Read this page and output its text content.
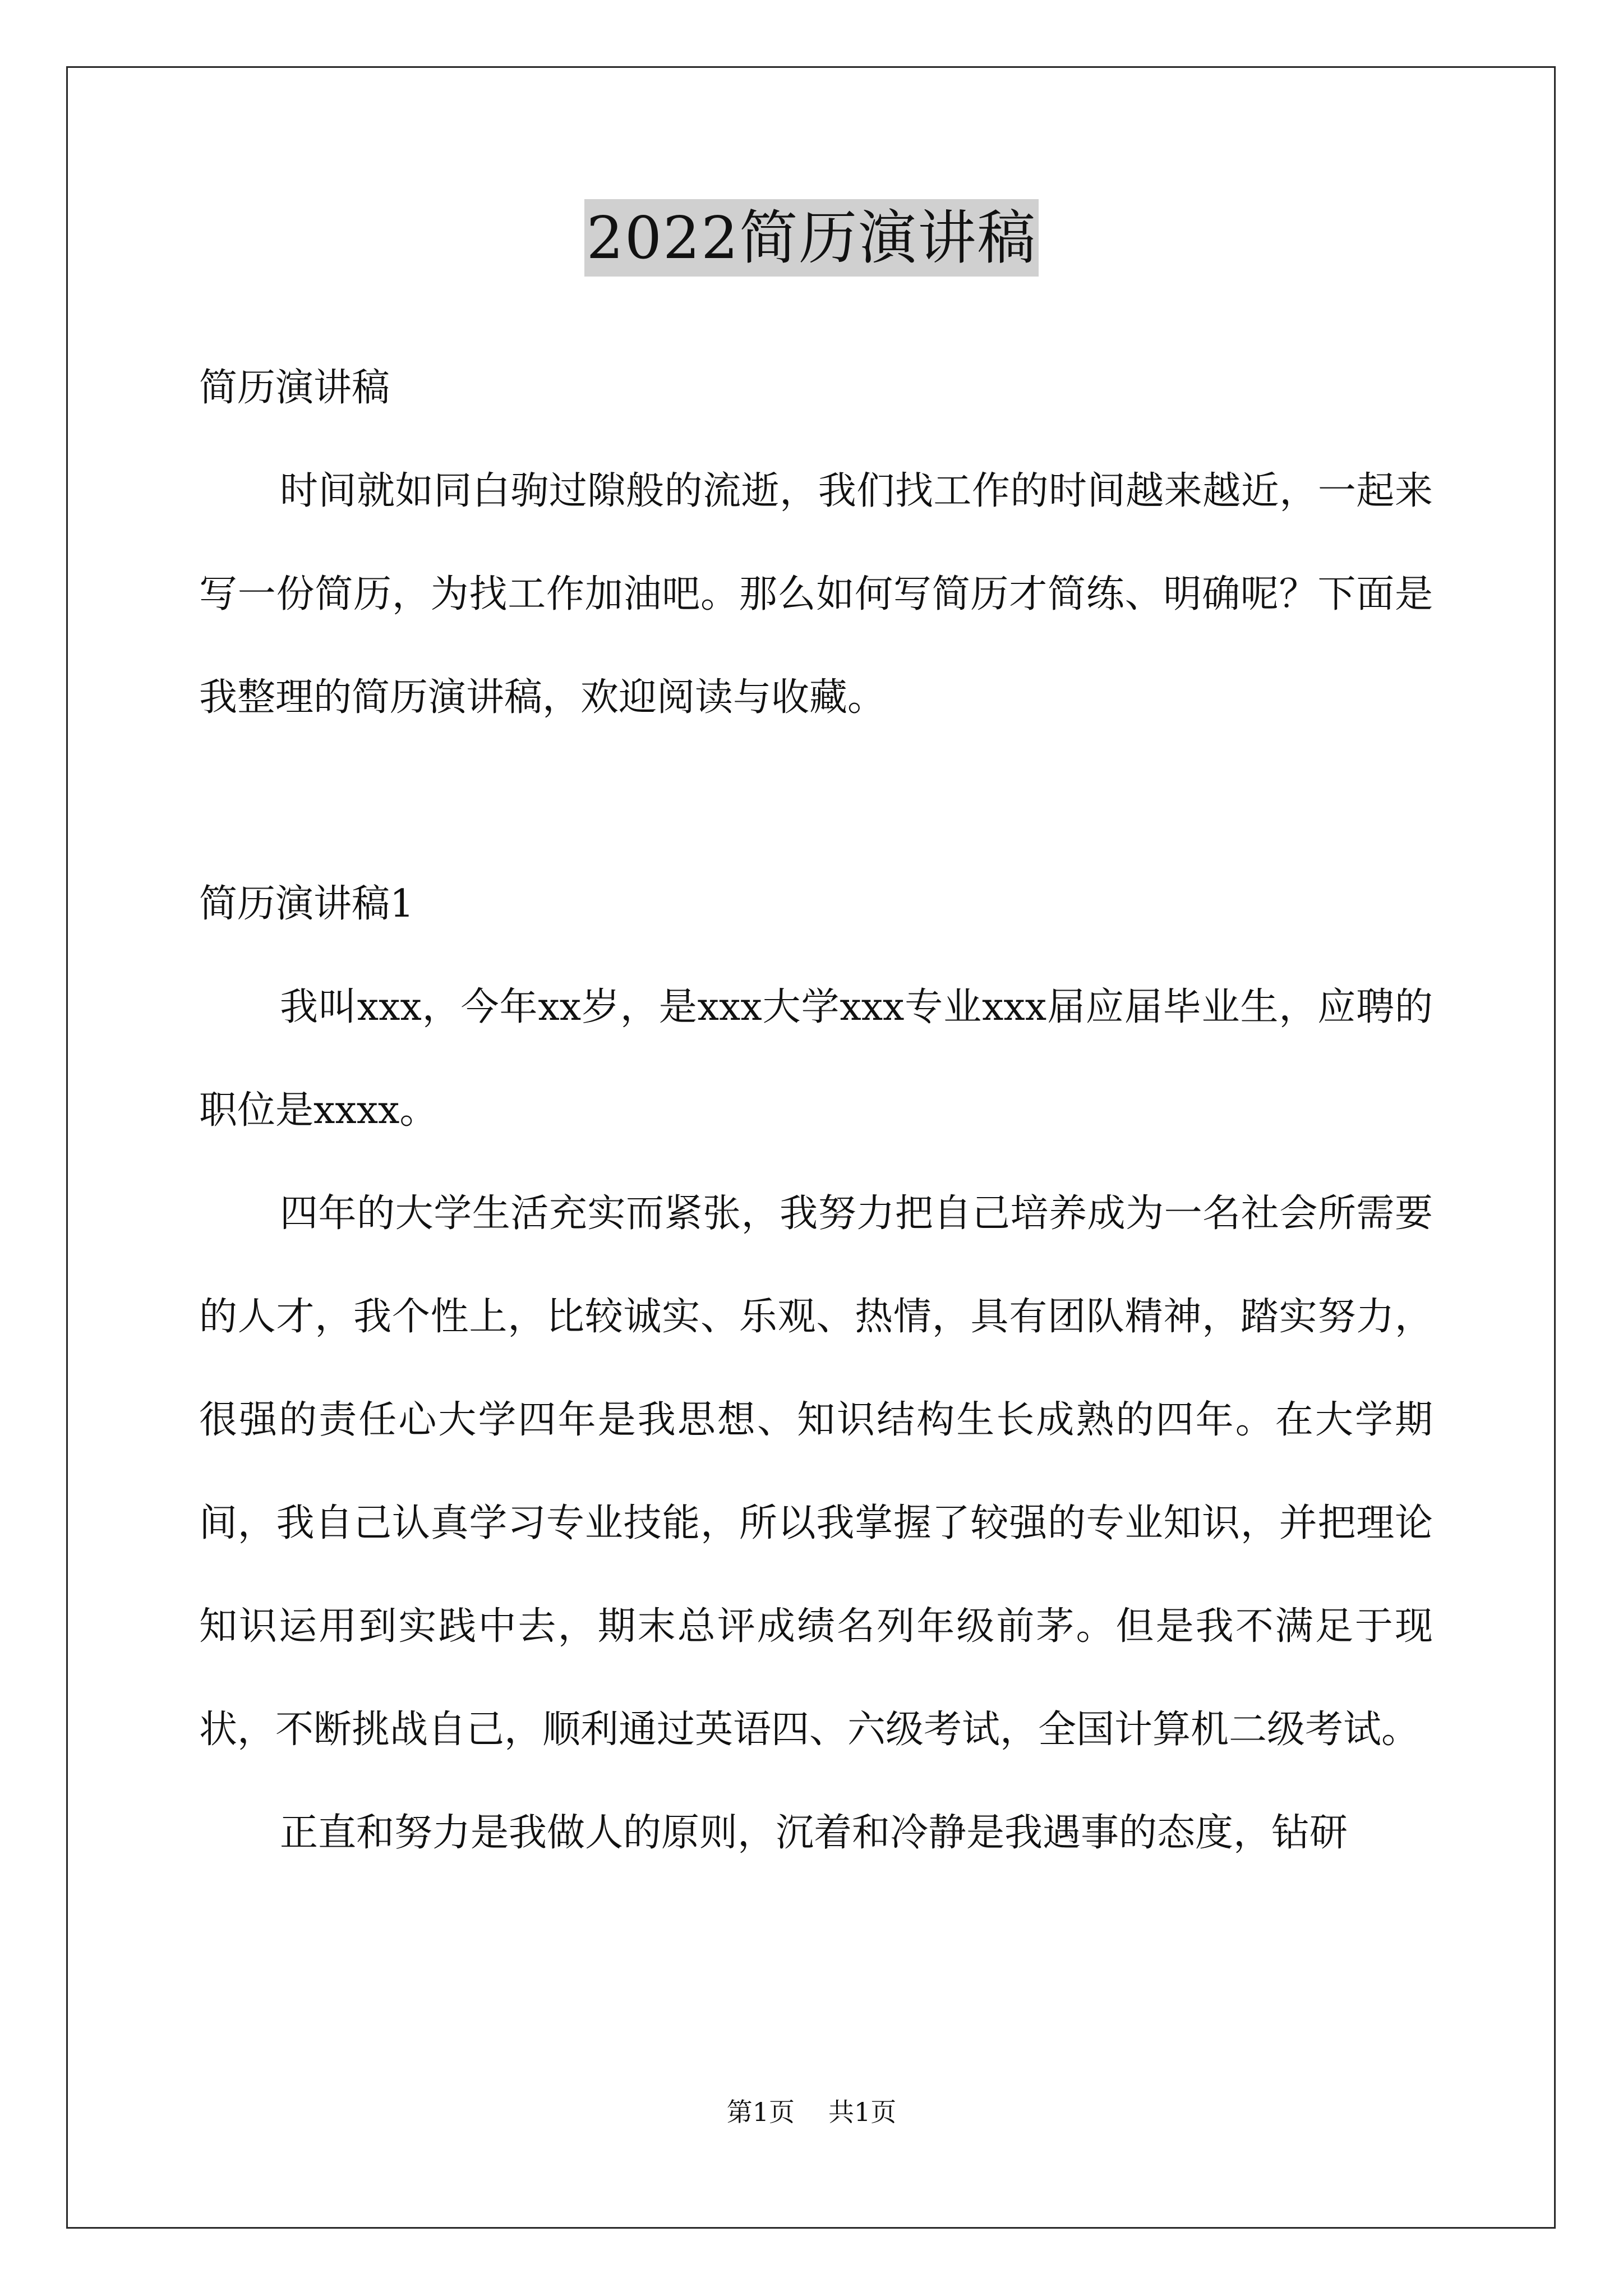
2022简历演讲稿

简历演讲稿

时间就如同白驹过隙般的流逝，我们找工作的时间越来越近，一起来写一份简历，为找工作加油吧。那么如何写简历才简练、明确呢？下面是我整理的简历演讲稿，欢迎阅读与收藏。

简历演讲稿1

我叫xxx，今年xx岁，是xxx大学xxx专业xxx届应届毕业生，应聘的职位是xxxx。

四年的大学生活充实而紧张，我努力把自己培养成为一名社会所需要的人才，我个性上，比较诚实、乐观、热情，具有团队精神，踏实努力，很强的责任心大学四年是我思想、知识结构生长成熟的四年。在大学期间，我自己认真学习专业技能，所以我掌握了较强的专业知识，并把理论知识运用到实践中去，期末总评成绩名列年级前茅。但是我不满足于现状，不断挑战自己，顺利通过英语四、六级考试，全国计算机二级考试。

正直和努力是我做人的原则，沉着和冷静是我遇事的态度，钻研

第1页 共1页
